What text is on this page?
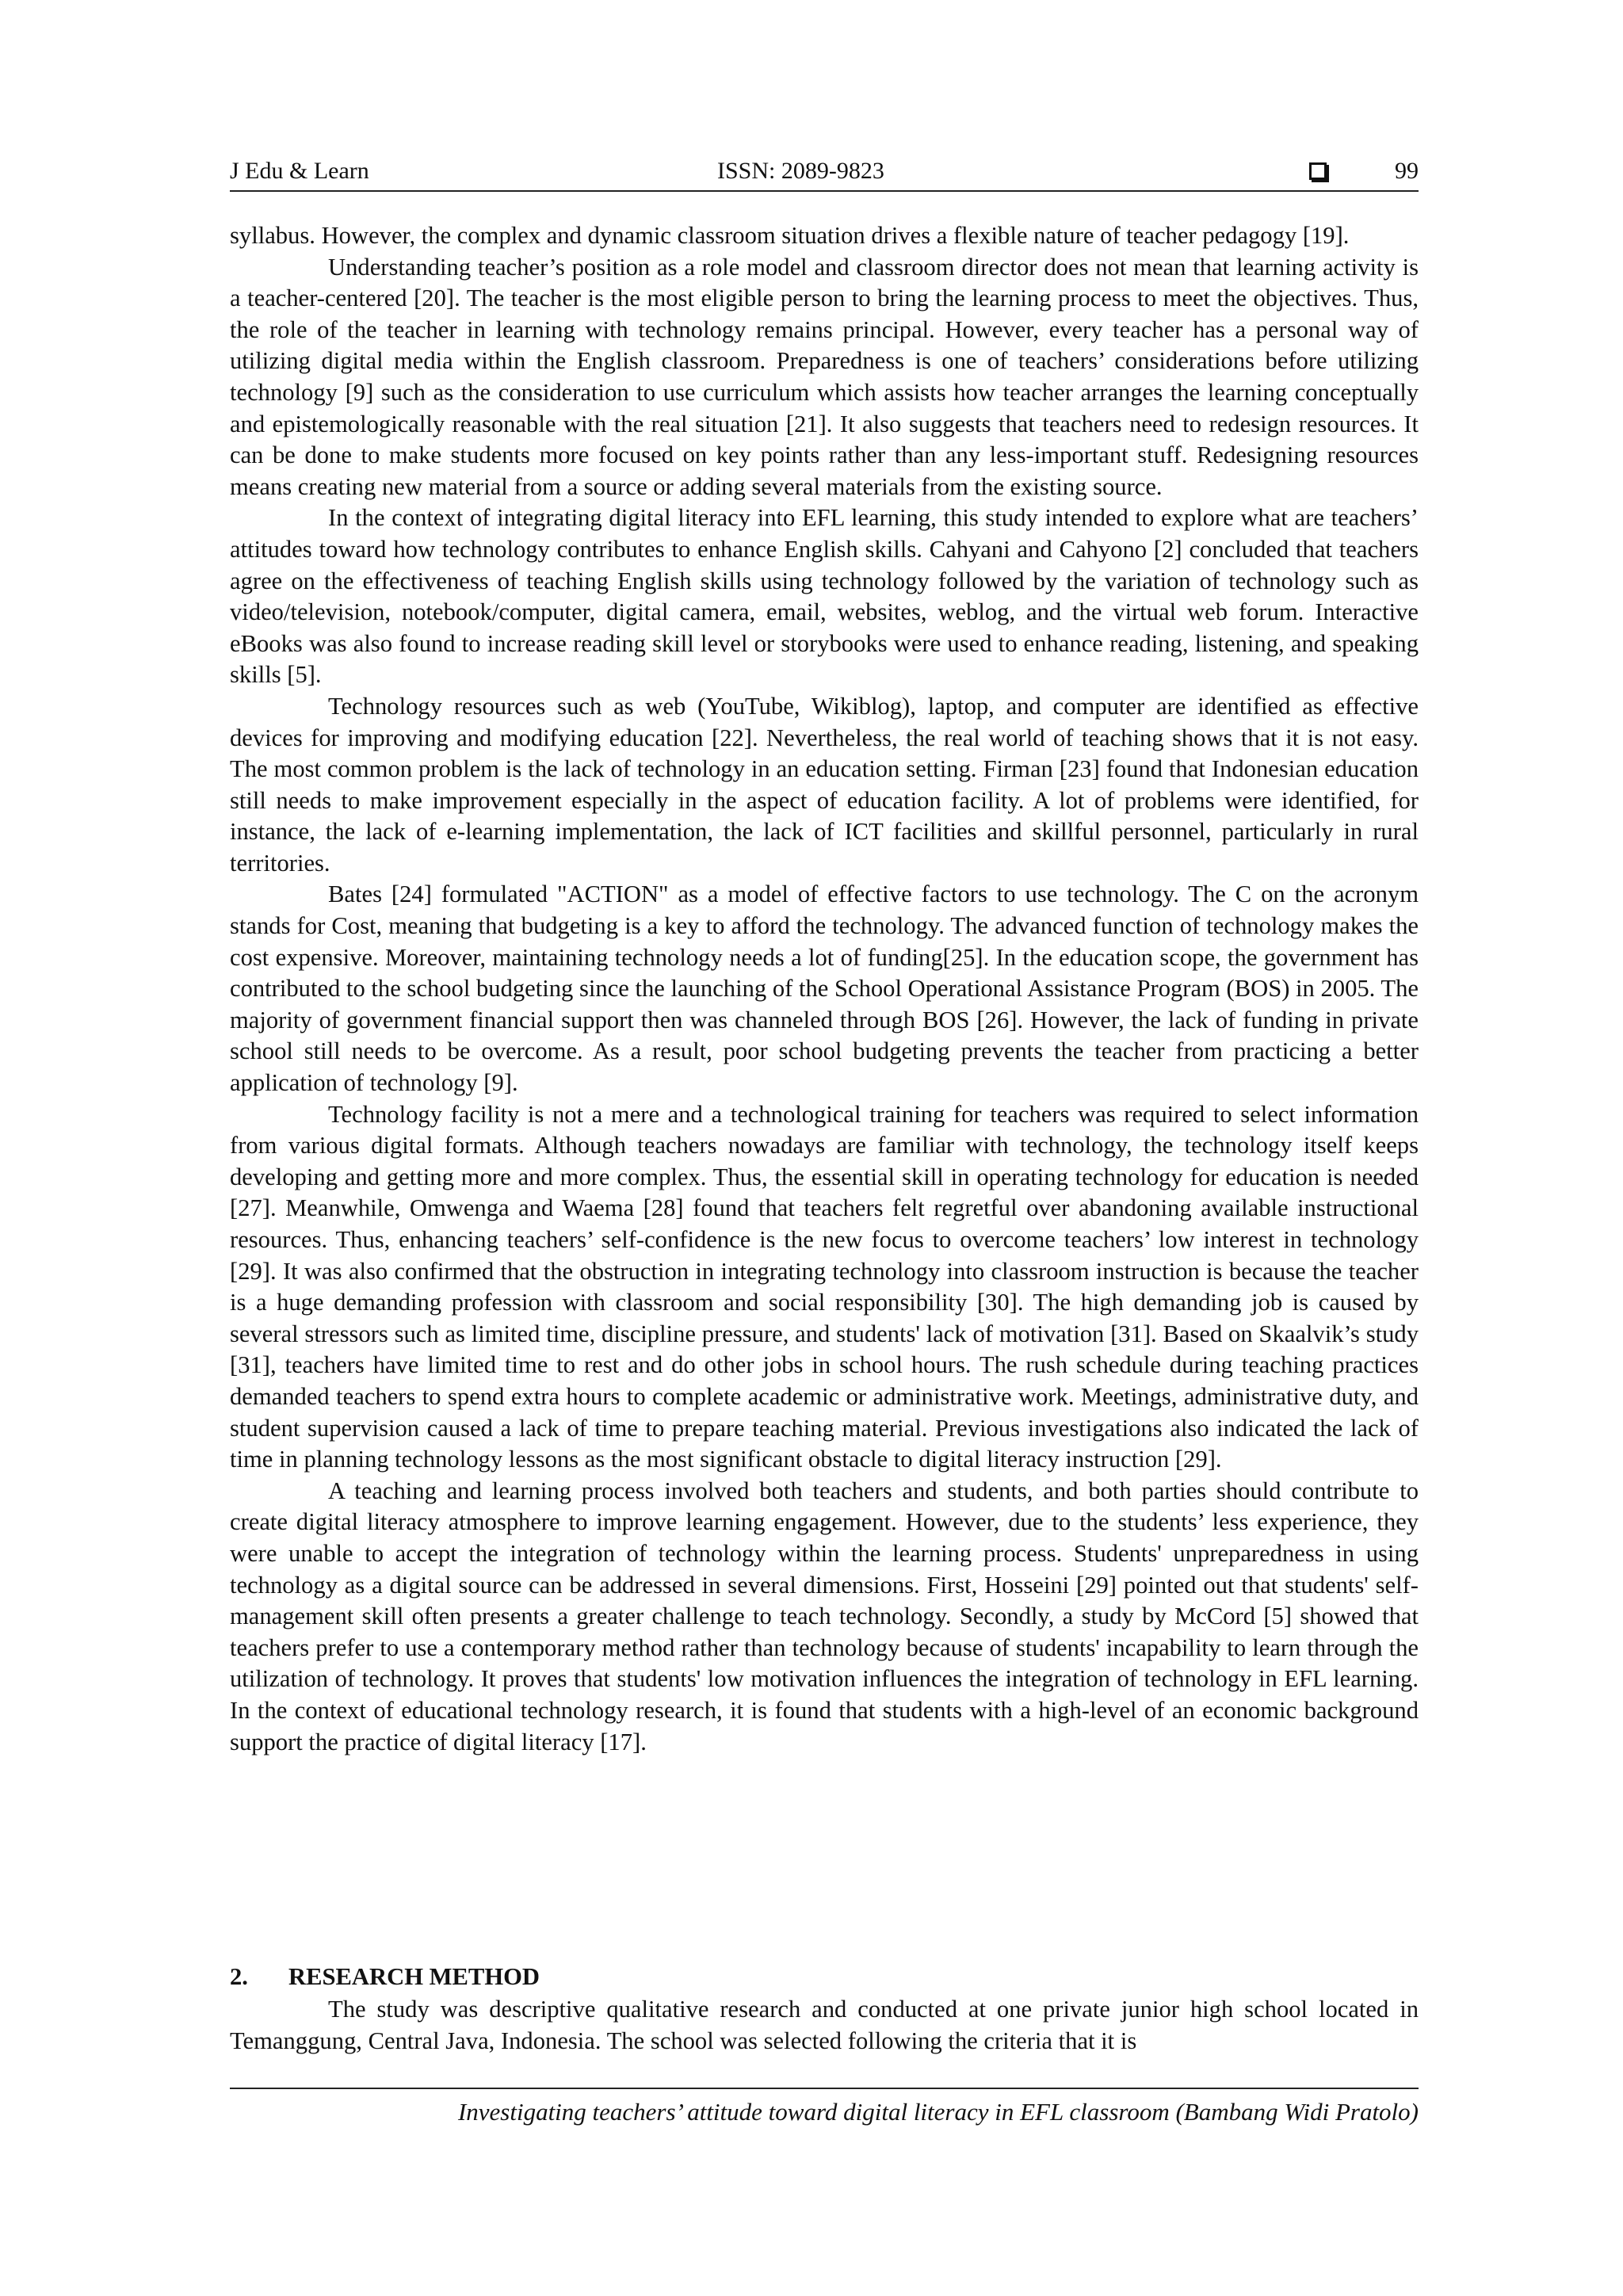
J Edu & Learn	ISSN: 2089-9823	99

syllabus. However, the complex and dynamic classroom situation drives a flexible nature of teacher pedagogy [19].

Understanding teacher’s position as a role model and classroom director does not mean that learning activity is a teacher-centered [20]. The teacher is the most eligible person to bring the learning process to meet the objectives. Thus, the role of the teacher in learning with technology remains principal. However, every teacher has a personal way of utilizing digital media within the English classroom. Preparedness is one of teachers’ considerations before utilizing technology [9] such as the consideration to use curriculum which assists how teacher arranges the learning conceptually and epistemologically reasonable with the real situation [21]. It also suggests that teachers need to redesign resources. It can be done to make students more focused on key points rather than any less-important stuff. Redesigning resources means creating new material from a source or adding several materials from the existing source.

In the context of integrating digital literacy into EFL learning, this study intended to explore what are teachers’ attitudes toward how technology contributes to enhance English skills. Cahyani and Cahyono [2] concluded that teachers agree on the effectiveness of teaching English skills using technology followed by the variation of technology such as video/television, notebook/computer, digital camera, email, websites, weblog, and the virtual web forum. Interactive eBooks was also found to increase reading skill level or storybooks were used to enhance reading, listening, and speaking skills [5].

Technology resources such as web (YouTube, Wikiblog), laptop, and computer are identified as effective devices for improving and modifying education [22]. Nevertheless, the real world of teaching shows that it is not easy. The most common problem is the lack of technology in an education setting. Firman [23] found that Indonesian education still needs to make improvement especially in the aspect of education facility. A lot of problems were identified, for instance, the lack of e-learning implementation, the lack of ICT facilities and skillful personnel, particularly in rural territories.

Bates [24] formulated "ACTION" as a model of effective factors to use technology. The C on the acronym stands for Cost, meaning that budgeting is a key to afford the technology. The advanced function of technology makes the cost expensive. Moreover, maintaining technology needs a lot of funding[25]. In the education scope, the government has contributed to the school budgeting since the launching of the School Operational Assistance Program (BOS) in 2005. The majority of government financial support then was channeled through BOS [26]. However, the lack of funding in private school still needs to be overcome. As a result, poor school budgeting prevents the teacher from practicing a better application of technology [9].

Technology facility is not a mere and a technological training for teachers was required to select information from various digital formats. Although teachers nowadays are familiar with technology, the technology itself keeps developing and getting more and more complex. Thus, the essential skill in operating technology for education is needed [27]. Meanwhile, Omwenga and Waema [28] found that teachers felt regretful over abandoning available instructional resources. Thus, enhancing teachers’ self-confidence is the new focus to overcome teachers’ low interest in technology [29]. It was also confirmed that the obstruction in integrating technology into classroom instruction is because the teacher is a huge demanding profession with classroom and social responsibility [30]. The high demanding job is caused by several stressors such as limited time, discipline pressure, and students' lack of motivation [31]. Based on Skaalvik’s study [31], teachers have limited time to rest and do other jobs in school hours. The rush schedule during teaching practices demanded teachers to spend extra hours to complete academic or administrative work. Meetings, administrative duty, and student supervision caused a lack of time to prepare teaching material. Previous investigations also indicated the lack of time in planning technology lessons as the most significant obstacle to digital literacy instruction [29].

A teaching and learning process involved both teachers and students, and both parties should contribute to create digital literacy atmosphere to improve learning engagement. However, due to the students’ less experience, they were unable to accept the integration of technology within the learning process. Students' unpreparedness in using technology as a digital source can be addressed in several dimensions. First, Hosseini [29] pointed out that students' self-management skill often presents a greater challenge to teach technology. Secondly, a study by McCord [5] showed that teachers prefer to use a contemporary method rather than technology because of students' incapability to learn through the utilization of technology. It proves that students' low motivation influences the integration of technology in EFL learning. In the context of educational technology research, it is found that students with a high-level of an economic background support the practice of digital literacy [17].

2. RESEARCH METHOD

The study was descriptive qualitative research and conducted at one private junior high school located in Temanggung, Central Java, Indonesia. The school was selected following the criteria that it is

Investigating teachers’ attitude toward digital literacy in EFL classroom (Bambang Widi Pratolo)
